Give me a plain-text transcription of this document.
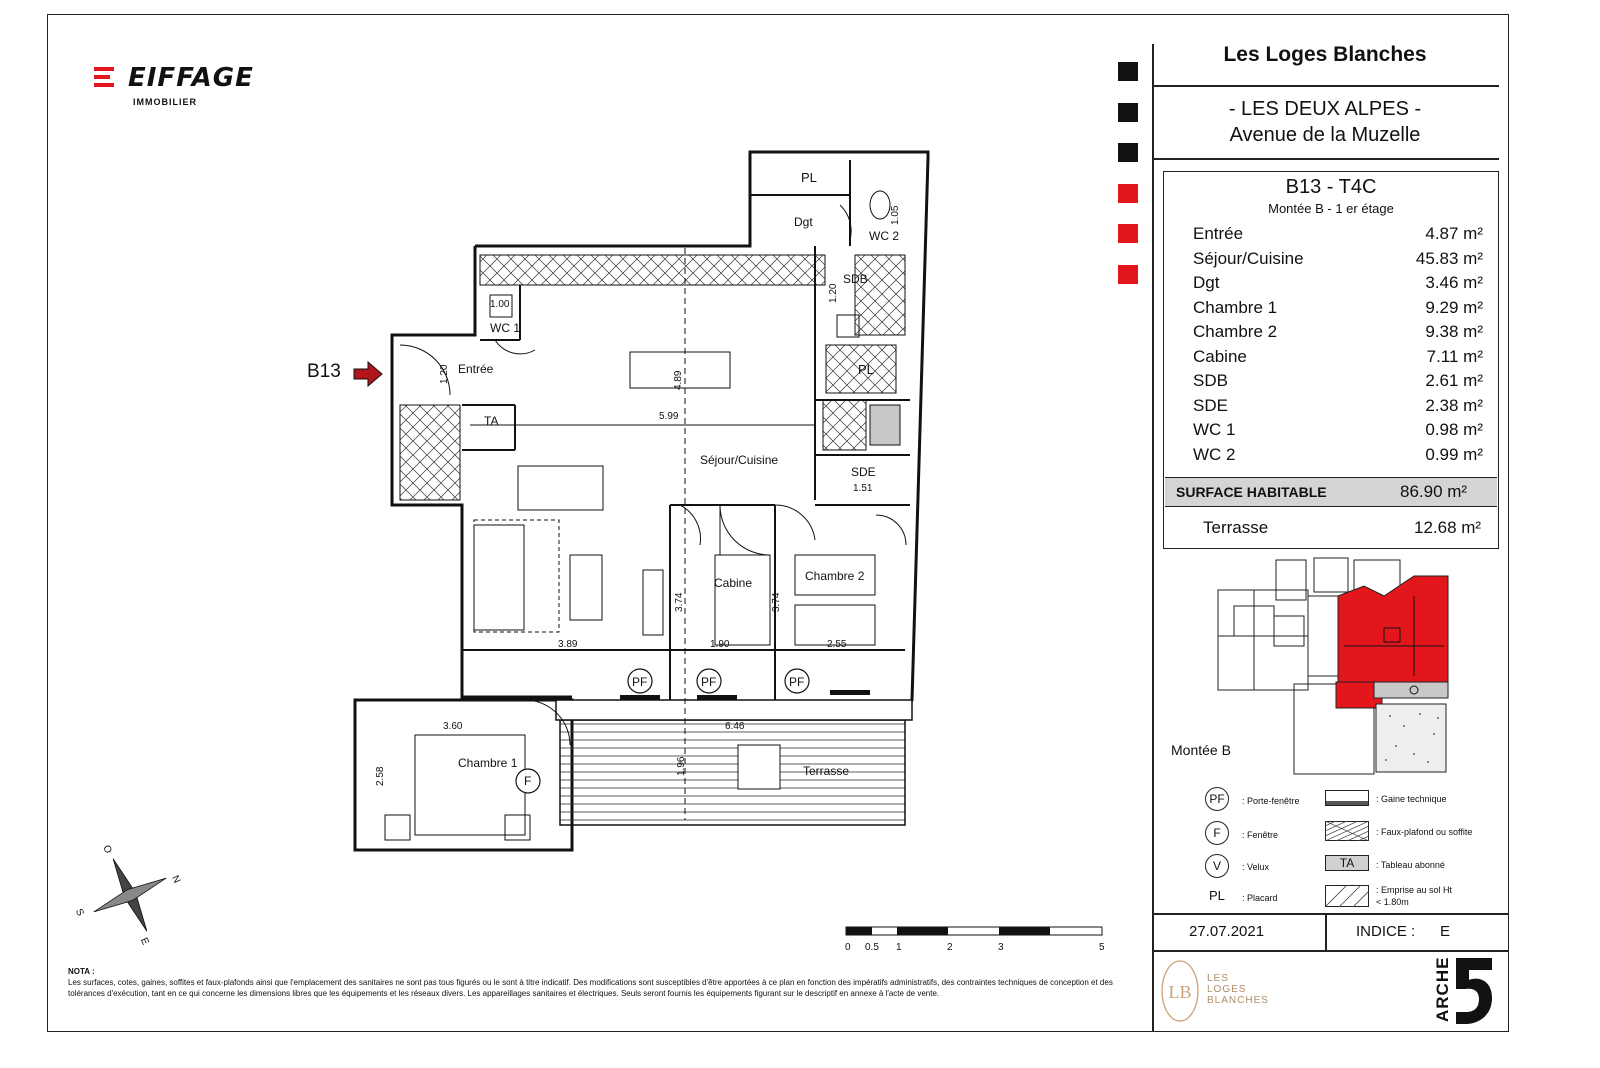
EIFFAGE
IMMOBILIER
Les Loges Blanches
- LES DEUX ALPES -
Avenue de la Muzelle
B13 - T4C
Montée B - 1 er étage
Entrée	4.87 m²
Séjour/Cuisine	45.83 m²
Dgt	3.46 m²
Chambre 1	9.29 m²
Chambre 2	9.38 m²
Cabine	7.11 m²
SDB	2.61 m²
SDE	2.38 m²
WC 1	0.98 m²
WC 2	0.99 m²
SURFACE HABITABLE	86.90 m²
Terrasse	12.68 m²
Montée B
PF	: Porte-fenêtre
F	: Fenêtre
V	: Velux
PL : Placard
: Gaine technique
: Faux-plafond ou soffite
TA	: Tableau abonné
: Emprise au sol Ht < 1.80m
27.07.2021	INDICE : E
LB
LES
LOGES
BLANCHES	ARCHE
B13
PF	PF	PF
F
PL
Dgt
WC 2
SDB
PL
WC 1
Entrée
TA
Séjour/Cuisine
SDE
Cabine	Chambre 2
Chambre 1
Terrasse
5.99
4.89
1.00
1.20
1.20
1.05
1.51
3.89
3.74
1.90
3.74
2.55
3.60
2.58
6.46
1.96
O
N
S
E
0 0.5 1	2	3	5
NOTA :
Les surfaces, cotes, gaines, soffites et faux-plafonds ainsi que l'emplacement des sanitaires ne sont pas tous figurés ou le sont à titre indicatif. Des modifications sont susceptibles d'être apportées à ce plan en fonction des impératifs administratifs, des contraintes techniques de conception et des tolérances d'exécution, tant en ce qui concerne les dimensions libres que les équipements et les réseaux divers. Les appareillages sanitaires et électriques. Seuls seront fournis les équipements figurant sur le descriptif en annexe à l'acte de vente.
